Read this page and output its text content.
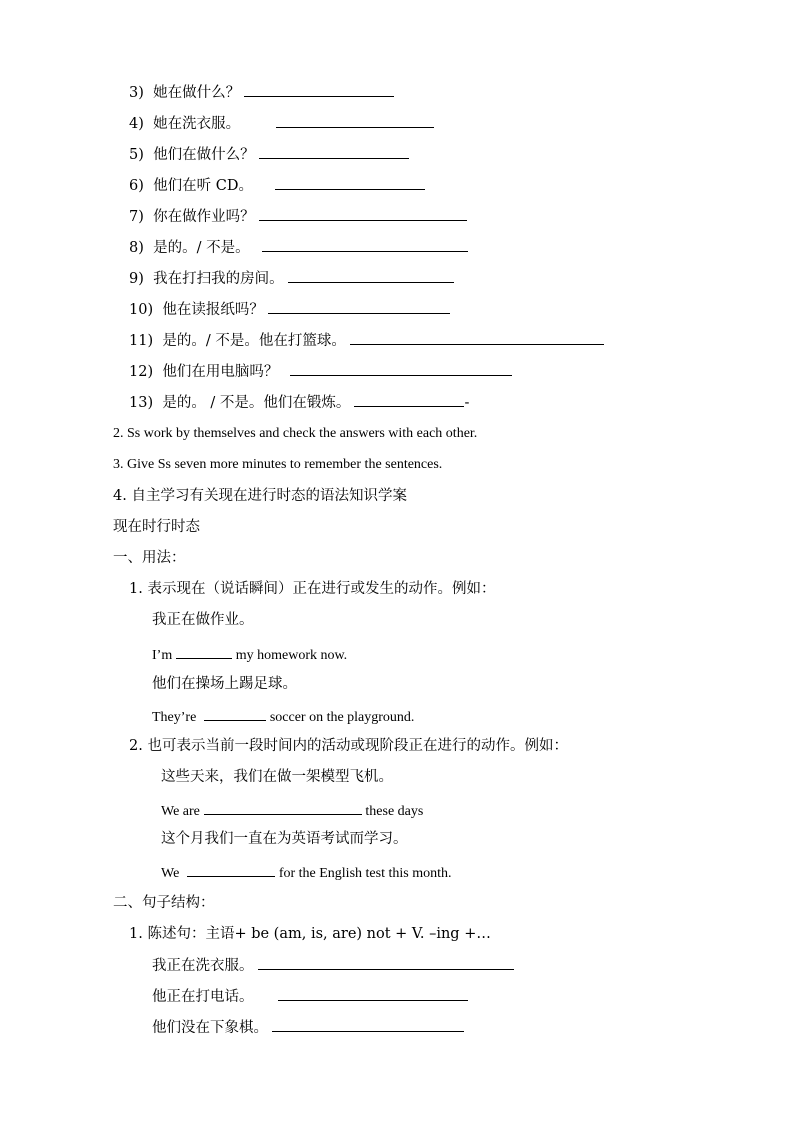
3) 她在做什么？
4) 她在洗衣服。
5) 他们在做什么？
6) 他们在听 CD。
7) 你在做作业吗？
8) 是的。/ 不是。
9) 我在打扫我的房间。
10) 他在读报纸吗？
11) 是的。/ 不是。他在打篮球。
12) 他们在用电脑吗？
13) 是的。 / 不是。他们在锻炼。	-
2. Ss work by themselves and check the answers with each other.
3. Give Ss seven more minutes to remember the sentences.
4. 自主学习有关现在进行时态的语法知识学案
现在时行时态
一、用法：
1. 表示现在（说话瞬间）正在进行或发生的动作。例如：
我正在做作业。
I’m	my homework now.
他们在操场上踢足球。
They’re	soccer on the playground.
2. 也可表示当前一段时间内的活动或现阶段正在进行的动作。例如：
这些天来，我们在做一架模型飞机。
We are	these days
这个月我们一直在为英语考试而学习。
We	for the English test this month.
二、句子结构：
1. 陈述句：主语+ be (am, is, are) not + V. –ing +…
我正在洗衣服。
他正在打电话。
他们没在下象棋。
